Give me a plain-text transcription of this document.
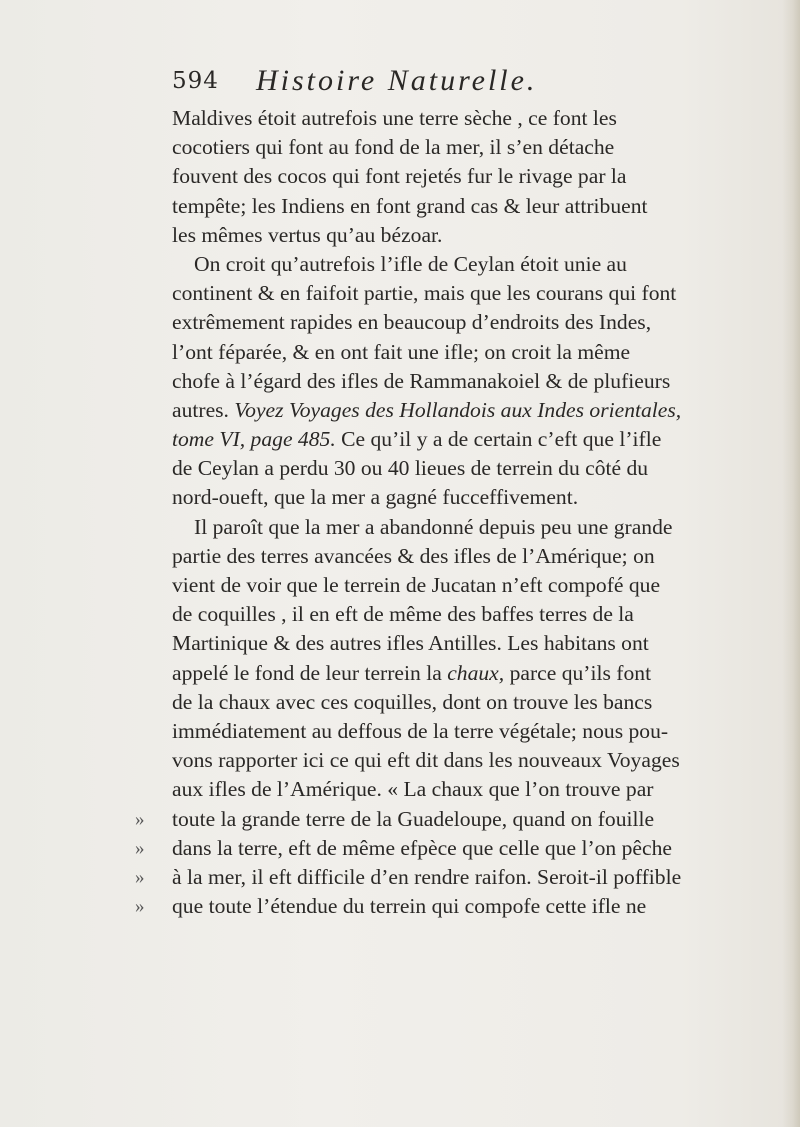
594 Histoire Naturelle.
Maldives étoit autrefois une terre sèche , ce font les
cocotiers qui font au fond de la mer, il s’en détache
fouvent des cocos qui font rejetés fur le rivage par la
tempête; les Indiens en font grand cas & leur attribuent
les mêmes vertus qu’au bézoar.
On croit qu’autrefois l’ifle de Ceylan étoit unie au
continent & en faifoit partie, mais que les courans qui font
extrêmement rapides en beaucoup d’endroits des Indes,
l’ont féparée, & en ont fait une ifle; on croit la même
chofe à l’égard des ifles de Rammanakoiel & de plufieurs
autres. Voyez Voyages des Hollandois aux Indes orientales,
tome VI, page 485. Ce qu’il y a de certain c’eft que l’ifle
de Ceylan a perdu 30 ou 40 lieues de terrein du côté du
nord-oueft, que la mer a gagné fucceffivement.
Il paroît que la mer a abandonné depuis peu une grande
partie des terres avancées & des ifles de l’Amérique; on
vient de voir que le terrein de Jucatan n’eft compofé que
de coquilles , il en eft de même des baffes terres de la
Martinique & des autres ifles Antilles. Les habitans ont
appelé le fond de leur terrein la chaux, parce qu’ils font
de la chaux avec ces coquilles, dont on trouve les bancs
immédiatement au deffous de la terre végétale; nous pou-
vons rapporter ici ce qui eft dit dans les nouveaux Voyages
aux ifles de l’Amérique. « La chaux que l’on trouve par
» toute la grande terre de la Guadeloupe, quand on fouille
» dans la terre, eft de même efpèce que celle que l’on pêche
» à la mer, il eft difficile d’en rendre raifon. Seroit-il poffible
» que toute l’étendue du terrein qui compofe cette ifle ne
